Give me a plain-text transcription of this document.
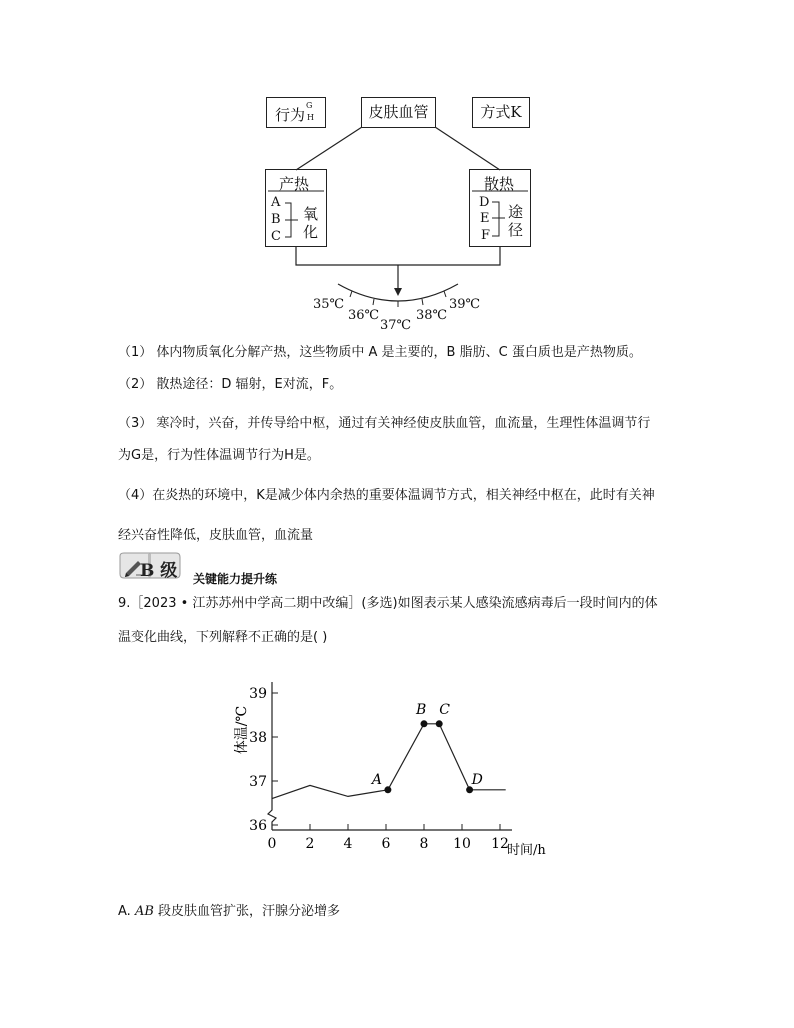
行为
G
H	皮肤血管	方式K
产热
A
B
C
氧
化
散热
D
E
F
途
径
35℃
36℃
37℃
38℃
39℃
（1） 体内物质氧化分解产热，这些物质中 A 是主要的，B 脂肪、C 蛋白质也是产热物质。
（2） 散热途径：D 辐射，E对流，F。
（3） 寒冷时，兴奋，并传导给中枢，通过有关神经使皮肤血管，血流量，生理性体温调节行
为G是，行为性体温调节行为H是。
（4）在炎热的环境中，K是减少体内余热的重要体温调节方式，相关神经中枢在，此时有关神
经兴奋性降低，皮肤血管，血流量
B 级 关键能力提升练
9.［2023 • 江苏苏州中学高二期中改编］(多选)如图表示某人感染流感病毒后一段时间内的体
温变化曲线，下列解释不正确的是( )
0 2 4 6 8 10 12
36
37
38
39
时间/h
体温/℃
A
B C
D
A. AB 段皮肤血管扩张，汗腺分泌增多
